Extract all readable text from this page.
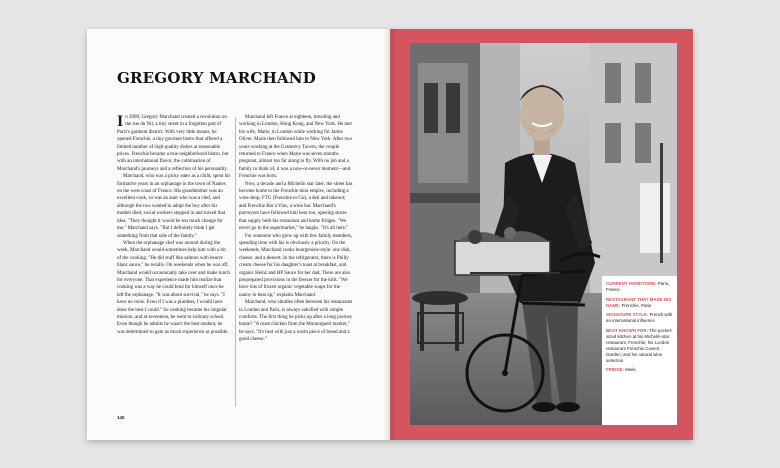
GREGORY MARCHAND

In 2009, Gregory Marchand created a revolution on the rue du Nil, a tiny street in a forgotten part of Paris's garment district. With very little means, he opened Frenchie, a tiny gourmet bistro that offered a limited number of high-quality dishes at reasonable prices. Frenchie became a true neighborhood bistro, but with an international flavor, the culmination of Marchand's journeys and a reflection of his personality.

Marchand, who was a picky eater as a child, spent his formative years in an orphanage in the town of Nantes on the west coast of France. His grandmother was an excellent cook, so was an aunt who was a chef, and although the two wanted to adopt the boy after his mother died, social workers stepped in and mixed that idea. "They thought it would be too much change for me," Marchand says. "But I definitely think I get something from that side of the family."

When the orphanage chef was around during the week, Marchand would sometimes help him with a bit of the cooking. "He did stuff like salmon with beurre blanc sauce," he recalls. On weekends when he was off, Marchand would occasionally take over and make lunch for everyone. That experience made him realize that cooking was a way he could fend for himself once he left the orphanage. "It was about survival," he says. "I have no roots. Even if I was a plumber, I would have done the best I could." So cooking became his singular mission, and at seventeen, he went to culinary school. Even though he admits he wasn't the best student, he was determined to gain as much experience as possible.

Marchand left France at eighteen, traveling and working in London, Hong Kong, and New York. He met his wife, Marie, in London while working for Jamie Oliver. Marie then followed him to New York. After two years working at the Gramercy Tavern, the couple returned to France when Marie was seven months pregnant, almost too far along to fly. With no job and a family to think of, it was a now-or-never moment—and Frenchie was born.

Now, a decade and a Michelin star later, the street has become home to the Frenchie mini empire, including a wine shop; FTG (Frenchie to Go), a deli and takeout; and Frenchie Bar à Vins, a wine bar. Marchand's purveyors have followed him here too, opening stores that supply both his restaurant and home fridges. "We never go to the supermarket," he laughs. "It's all here."

For someone who grew up with few family members, spending time with his is obviously a priority. On the weekends, Marchand cooks bourgeoisie-style: one dish, cheese, and a dessert. In the refrigerator, there is Philly cream cheese for his daughter's toast at breakfast, and organic Heinz and HP Sauce for her dad. There are also preprepared provisions in the freezer for the kids. "We have lots of frozen organic vegetable soups for the nanny to heat up," explains Marchand.

Marchand, who shuttles often between his restaurants in London and Paris, is always satisfied with simple comforts. The first thing he picks up after a long journey home? "A roast chicken from the Montorgueil market," he says. "It's best with just a warm piece of bread and a good cheese."

140
CURRENT HOMETOWN: Paris, France
RESTAURANT THAT MADE HIS NAME: Frenchie, Paris
SIGNATURE STYLE: French with an international influence
BEST KNOWN FOR: The pocket-sized kitchen at his Michelin-star restaurant, Frenchie; his London restaurant Frenchie Covent Garden; and his natural wine selection
FRIDGE: Miele
